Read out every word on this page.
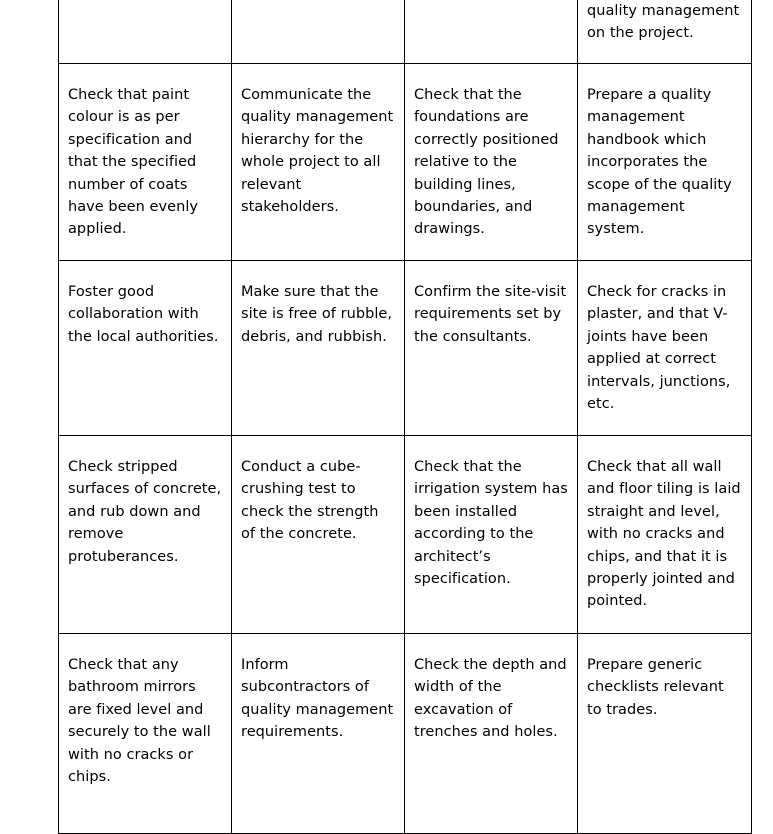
			quality management on the project.

Check that paint colour is as per specification and that the specified number of coats have been evenly applied.	Communicate the quality management hierarchy for the whole project to all relevant stakeholders.	Check that the foundations are correctly positioned relative to the building lines, boundaries, and drawings.	Prepare a quality management handbook which incorporates the scope of the quality management system.

Foster good collaboration with the local authorities.	Make sure that the site is free of rubble, debris, and rubbish.	Confirm the site-visit requirements set by the consultants.	Check for cracks in plaster, and that V-joints have been applied at correct intervals, junctions, etc.

Check stripped surfaces of concrete, and rub down and remove protuberances.	Conduct a cube-crushing test to check the strength of the concrete.	Check that the irrigation system has been installed according to the architect’s specification.	Check that all wall and floor tiling is laid straight and level, with no cracks and chips, and that it is properly jointed and pointed.

Check that any bathroom mirrors are fixed level and securely to the wall with no cracks or chips.	Inform subcontractors of quality management requirements.	Check the depth and width of the excavation of trenches and holes.	Prepare generic checklists relevant to trades.
